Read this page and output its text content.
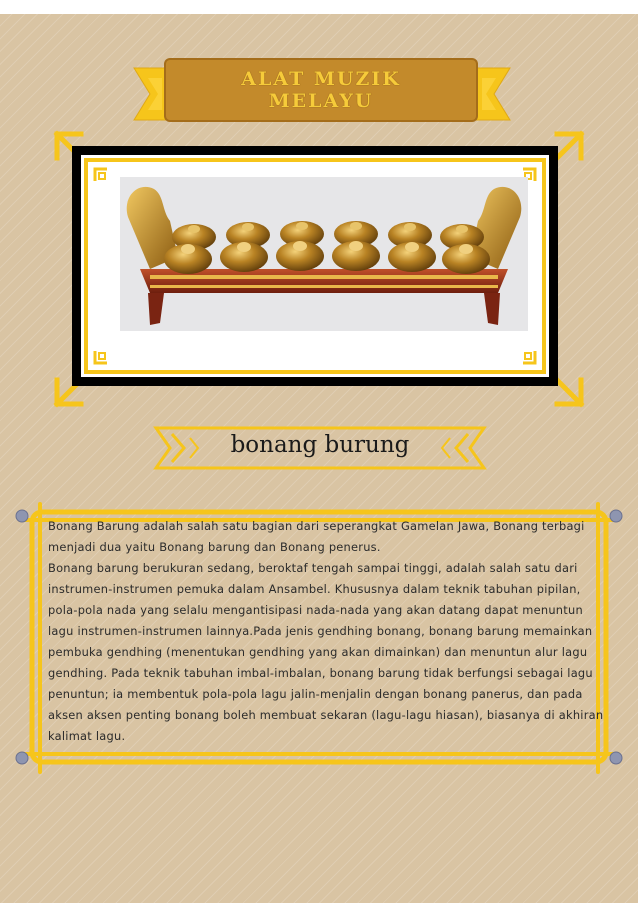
ALAT MUZIK
MELAYU
bonang burung

Bonang Barung adalah salah satu bagian dari seperangkat Gamelan Jawa, Bonang terbagi menjadi dua yaitu Bonang barung dan Bonang penerus.

Bonang barung berukuran sedang, beroktaf tengah sampai tinggi, adalah salah satu dari instrumen-instrumen pemuka dalam Ansambel. Khususnya dalam teknik tabuhan pipilan, pola-pola nada yang selalu mengantisipasi nada-nada yang akan datang dapat menuntun lagu instrumen-instrumen lainnya.Pada jenis gendhing bonang, bonang barung memainkan pembuka gendhing (menentukan gendhing yang akan dimainkan) dan menuntun alur lagu gendhing. Pada teknik tabuhan imbal-imbalan, bonang barung tidak berfungsi sebagai lagu penuntun; ia membentuk pola-pola lagu jalin-menjalin dengan bonang panerus, dan pada aksen aksen penting bonang boleh membuat sekaran (lagu-lagu hiasan), biasanya di akhiran kalimat lagu.
